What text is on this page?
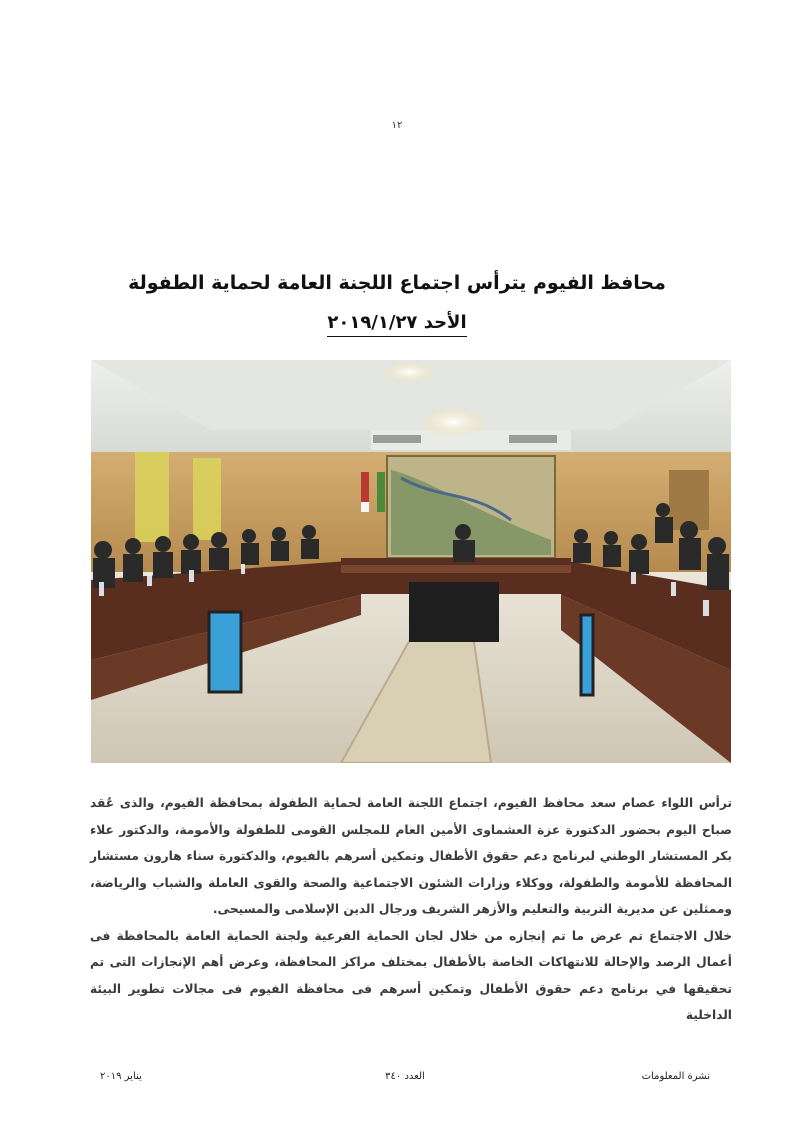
١٢
محافظ الفيوم يترأس اجتماع اللجنة العامة لحماية الطفولة
الأحد ٢٠١٩/١/٢٧

ترأس اللواء عصام سعد محافظ الفيوم، اجتماع اللجنة العامة لحماية الطفولة بمحافظة الفيوم، والذى عُقد صباح اليوم بحضور الدكتورة عزة العشماوى الأمين العام للمجلس القومى للطفولة والأمومة، والدكتور علاء بكر المستشار الوطني لبرنامج دعم حقوق الأطفال وتمكين أسرهم بالفيوم، والدكتورة سناء هارون مستشار المحافظة للأمومة والطفولة، ووكلاء وزارات الشئون الاجتماعية والصحة والقوى العاملة والشباب والرياضة، وممثلين عن مديرية التربية والتعليم والأزهر الشريف ورجال الدين الإسلامى والمسيحى.

خلال الاجتماع تم عرض ما تم إنجازه من خلال لجان الحماية الفرعية ولجنة الحماية العامة بالمحافظة فى أعمال الرصد والإحالة للانتهاكات الخاصة بالأطفال بمختلف مراكز المحافظة، وعرض أهم الإنجازات التى تم تحقيقها في برنامج دعم حقوق الأطفال وتمكين أسرهم فى محافظة الفيوم فى مجالات تطوير البيئة الداخلية

نشرة المعلومات
العدد ٣٤٠
يناير ٢٠١٩
